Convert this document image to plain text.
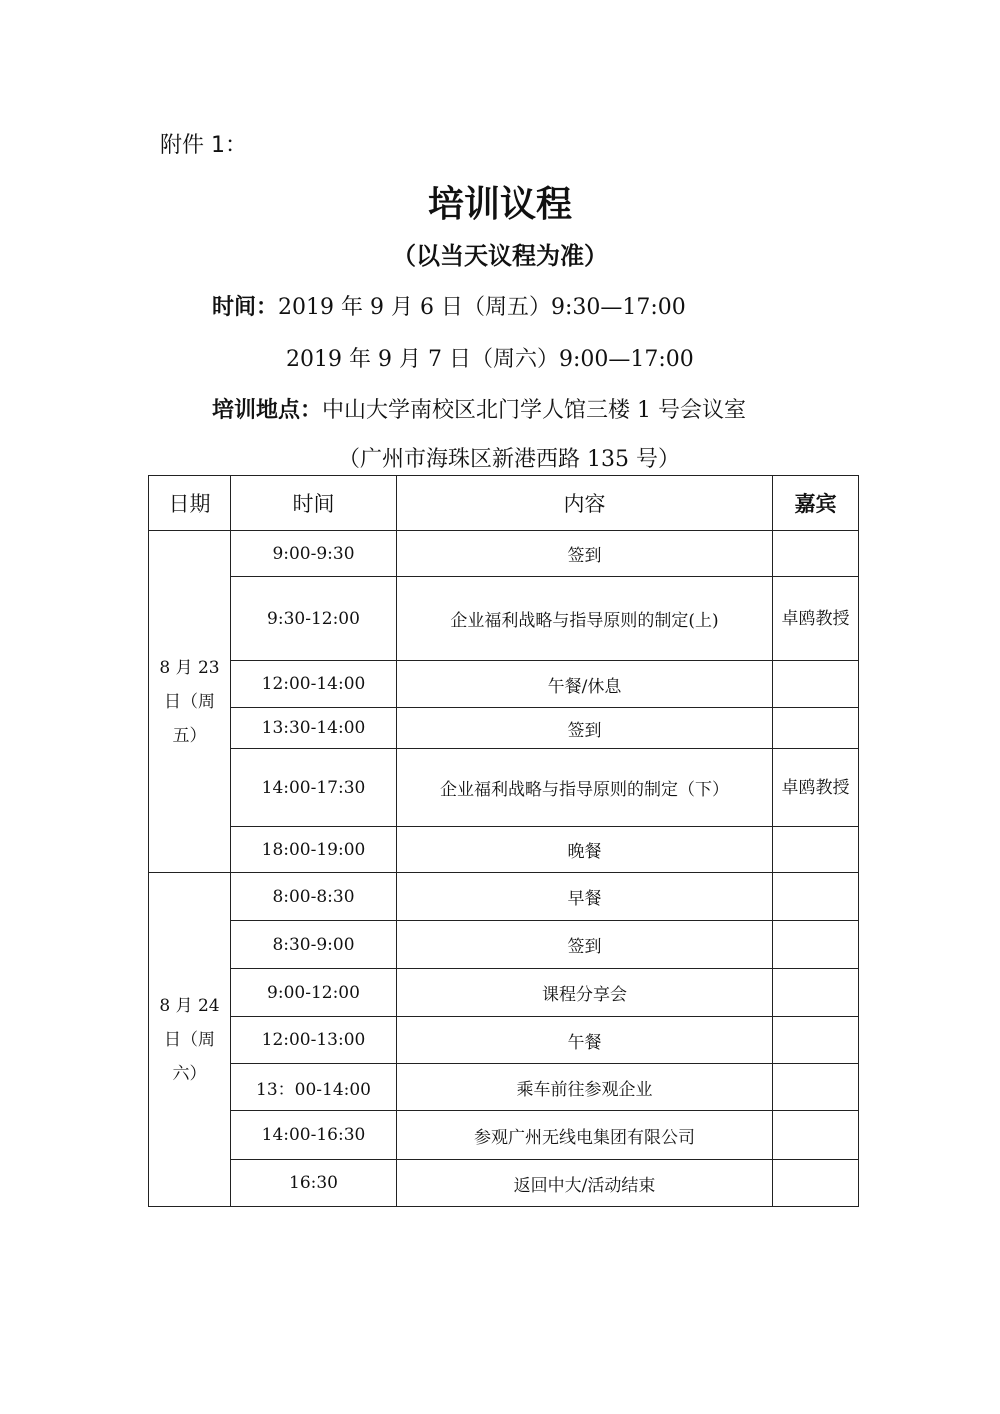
附件 1：
培训议程
（以当天议程为准）
时间：2019 年 9 月 6 日（周五）9:30—17:00
2019 年 9 月 7 日（周六）9:00—17:00
培训地点：中山大学南校区北门学人馆三楼 1 号会议室
（广州市海珠区新港西路 135 号）
日期	时间	内容	嘉宾
8 月 23 日（周五）	9:00-9:30	签到	
	9:30-12:00	企业福利战略与指导原则的制定(上)	卓鸥教授
	12:00-14:00	午餐/休息	
	13:30-14:00	签到	
	14:00-17:30	企业福利战略与指导原则的制定（下）	卓鸥教授
	18:00-19:00	晚餐	
8 月 24 日（周六）	8:00-8:30	早餐	
	8:30-9:00	签到	
	9:00-12:00	课程分享会	
	12:00-13:00	午餐	
	13：00-14:00	乘车前往参观企业	
	14:00-16:30	参观广州无线电集团有限公司	
	16:30	返回中大/活动结束	
